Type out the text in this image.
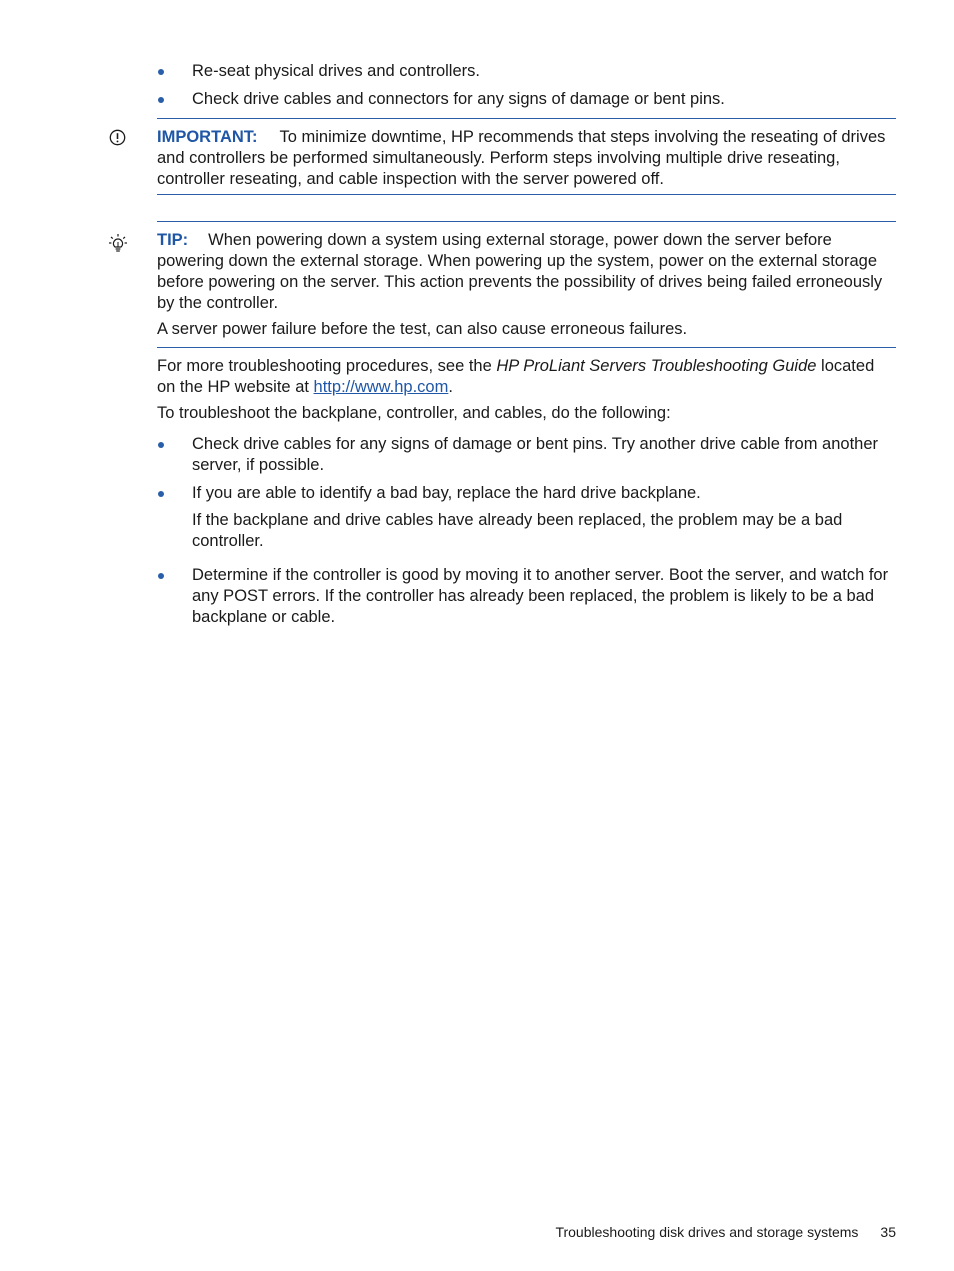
Re-seat physical drives and controllers.
Check drive cables and connectors for any signs of damage or bent pins.
IMPORTANT: To minimize downtime, HP recommends that steps involving the reseating of drives and controllers be performed simultaneously. Perform steps involving multiple drive reseating, controller reseating, and cable inspection with the server powered off.
TIP: When powering down a system using external storage, power down the server before powering down the external storage. When powering up the system, power on the external storage before powering on the server. This action prevents the possibility of drives being failed erroneously by the controller.
A server power failure before the test, can also cause erroneous failures.
For more troubleshooting procedures, see the HP ProLiant Servers Troubleshooting Guide located on the HP website at http://www.hp.com.
To troubleshoot the backplane, controller, and cables, do the following:
Check drive cables for any signs of damage or bent pins. Try another drive cable from another server, if possible.
If you are able to identify a bad bay, replace the hard drive backplane.
If the backplane and drive cables have already been replaced, the problem may be a bad controller.
Determine if the controller is good by moving it to another server. Boot the server, and watch for any POST errors. If the controller has already been replaced, the problem is likely to be a bad backplane or cable.
Troubleshooting disk drives and storage systems 35
